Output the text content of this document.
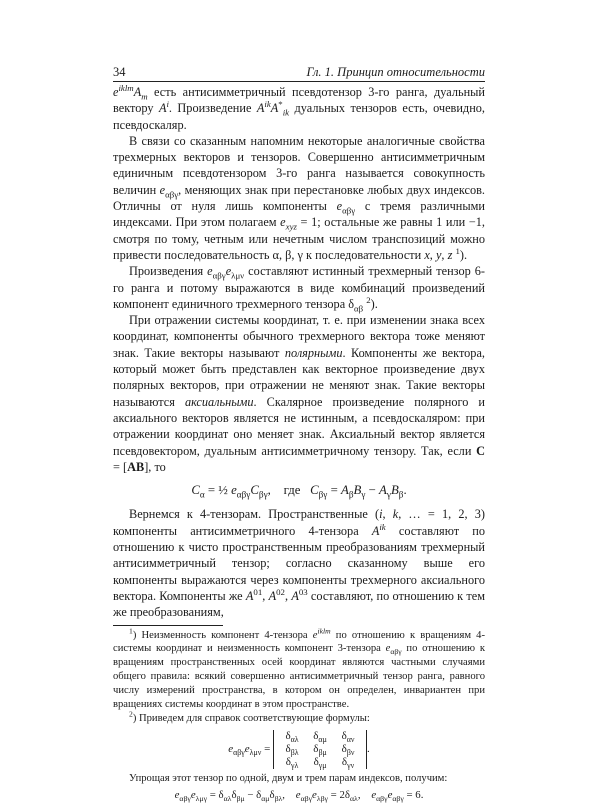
34	Гл. 1. Принцип относительности

$e^{iklm}A_m$ есть антисимметричный псевдотензор 3-го ранга, дуальный вектору $A^i$. Произведение $A^{ik}A^*_{ik}$ дуальных тензоров есть, очевидно, псевдоскаляр.

В связи со сказанным напомним некоторые аналогичные свойства трехмерных векторов и тензоров. Совершенно антисимметричным единичным псевдотензором 3-го ранга называется совокупность величин $e_{\alpha\beta\gamma}$, меняющих знак при перестановке любых двух индексов. Отличны от нуля лишь компоненты $e_{\alpha\beta\gamma}$ с тремя различными индексами. При этом полагаем $e_{xyz} = 1$; остальные же равны 1 или −1, смотря по тому, четным или нечетным числом транспозиций можно привести последовательность α, β, γ к последовательности x, y, z $^1$).

Произведения $e_{\alpha\beta\gamma}e_{\lambda\mu\nu}$ составляют истинный трехмерный тензор 6-го ранга и потому выражаются в виде комбинаций произведений компонент единичного трехмерного тензора $\delta_{\alpha\beta}$ $^2$).

При отражении системы координат, т. е. при изменении знака всех координат, компоненты обычного трехмерного вектора тоже меняют знак. Такие векторы называют полярными. Компоненты же вектора, который может быть представлен как векторное произведение двух полярных векторов, при отражении не меняют знак. Такие векторы называются аксиальными. Скалярное произведение полярного и аксиального векторов является не истинным, а псевдоскаляром: при отражении координат оно меняет знак. Аксиальный вектор является псевдовектором, дуальным антисимметричному тензору. Так, если C = [AB], то

$C_\alpha$ = ½ $e_{\alpha\beta\gamma}C_{\beta\gamma}$,    где   $C_{\beta\gamma} = A_\beta B_\gamma - A_\gamma B_\beta$.

Вернемся к 4-тензорам. Пространственные (i, k, … = 1, 2, 3) компоненты антисимметричного 4-тензора $A^{ik}$ составляют по отношению к чисто пространственным преобразованиям трехмерный антисимметричный тензор; согласно сказанному выше его компоненты выражаются через компоненты трехмерного аксиального вектора. Компоненты же $A^{01}$, $A^{02}$, $A^{03}$ составляют, по отношению к тем же преобразованиям,

$^1$) Неизменность компонент 4-тензора $e^{iklm}$ по отношению к вращениям 4-системы координат и неизменность компонент 3-тензора $e_{\alpha\beta\gamma}$ по отношению к вращениям пространственных осей координат являются частными случаями общего правила: всякий совершенно антисимметричный тензор ранга, равного числу измерений пространства, в котором он определен, инвариантен при вращениях системы координат в этом пространстве.

$^2$) Приведем для справок соответствующие формулы:

$e_{\alpha\beta\gamma}e_{\lambda\mu\nu}$ =
$\delta_{\alpha\lambda}$ $\delta_{\alpha\mu}$ $\delta_{\alpha\nu}$
$\delta_{\beta\lambda}$ $\delta_{\beta\mu}$ $\delta_{\beta\nu}$
$\delta_{\gamma\lambda}$ $\delta_{\gamma\mu}$ $\delta_{\gamma\nu}$
.

Упрощая этот тензор по одной, двум и трем парам индексов, получим:

$e_{\alpha\beta\gamma}e_{\lambda\mu\gamma} = \delta_{\alpha\lambda}\delta_{\beta\mu} - \delta_{\alpha\mu}\delta_{\beta\lambda}$,    $e_{\alpha\beta\gamma}e_{\lambda\beta\gamma} = 2\delta_{\alpha\lambda}$,    $e_{\alpha\beta\gamma}e_{\alpha\beta\gamma} = 6$.
